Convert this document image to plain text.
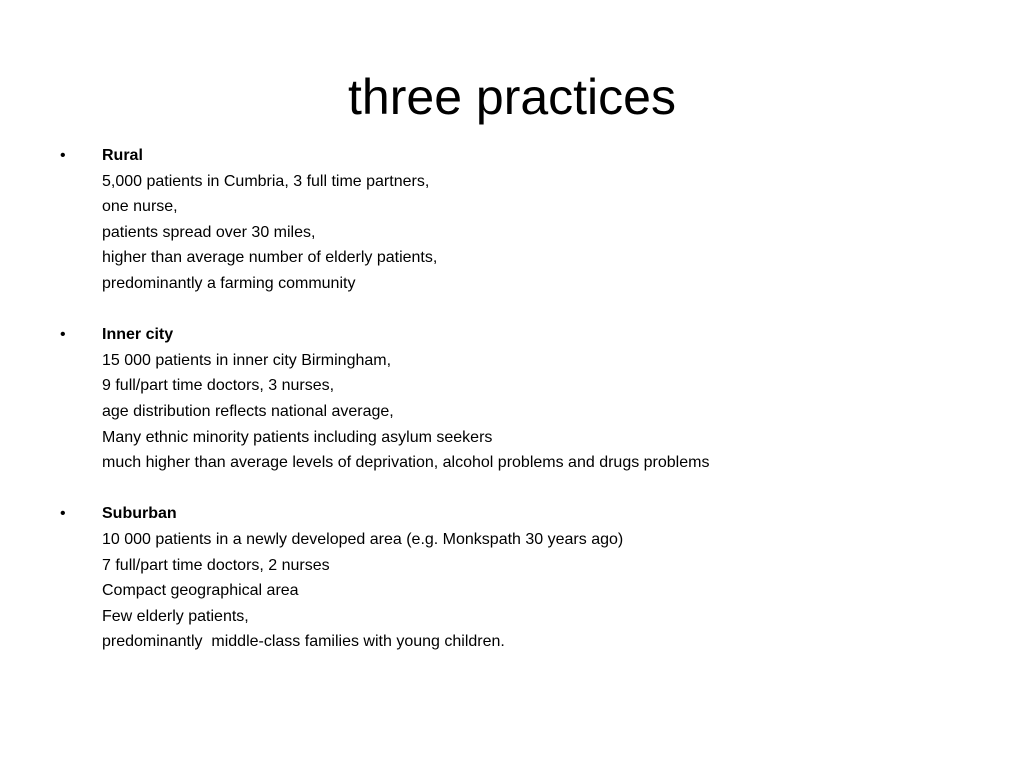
three practices
•	Rural
5,000 patients in Cumbria, 3 full time partners,
one nurse,
patients spread over 30 miles,
higher than average number of elderly patients,
predominantly a farming community
•	Inner city
15 000 patients in inner city Birmingham,
9 full/part time doctors, 3 nurses,
age distribution reflects national average,
Many ethnic minority patients including asylum seekers
much higher than average levels of deprivation, alcohol problems and drugs problems
•	Suburban
10 000 patients in a newly developed area (e.g. Monkspath 30 years ago)
7 full/part time doctors, 2 nurses
Compact geographical area
Few elderly patients,
predominantly  middle-class families with young children.
